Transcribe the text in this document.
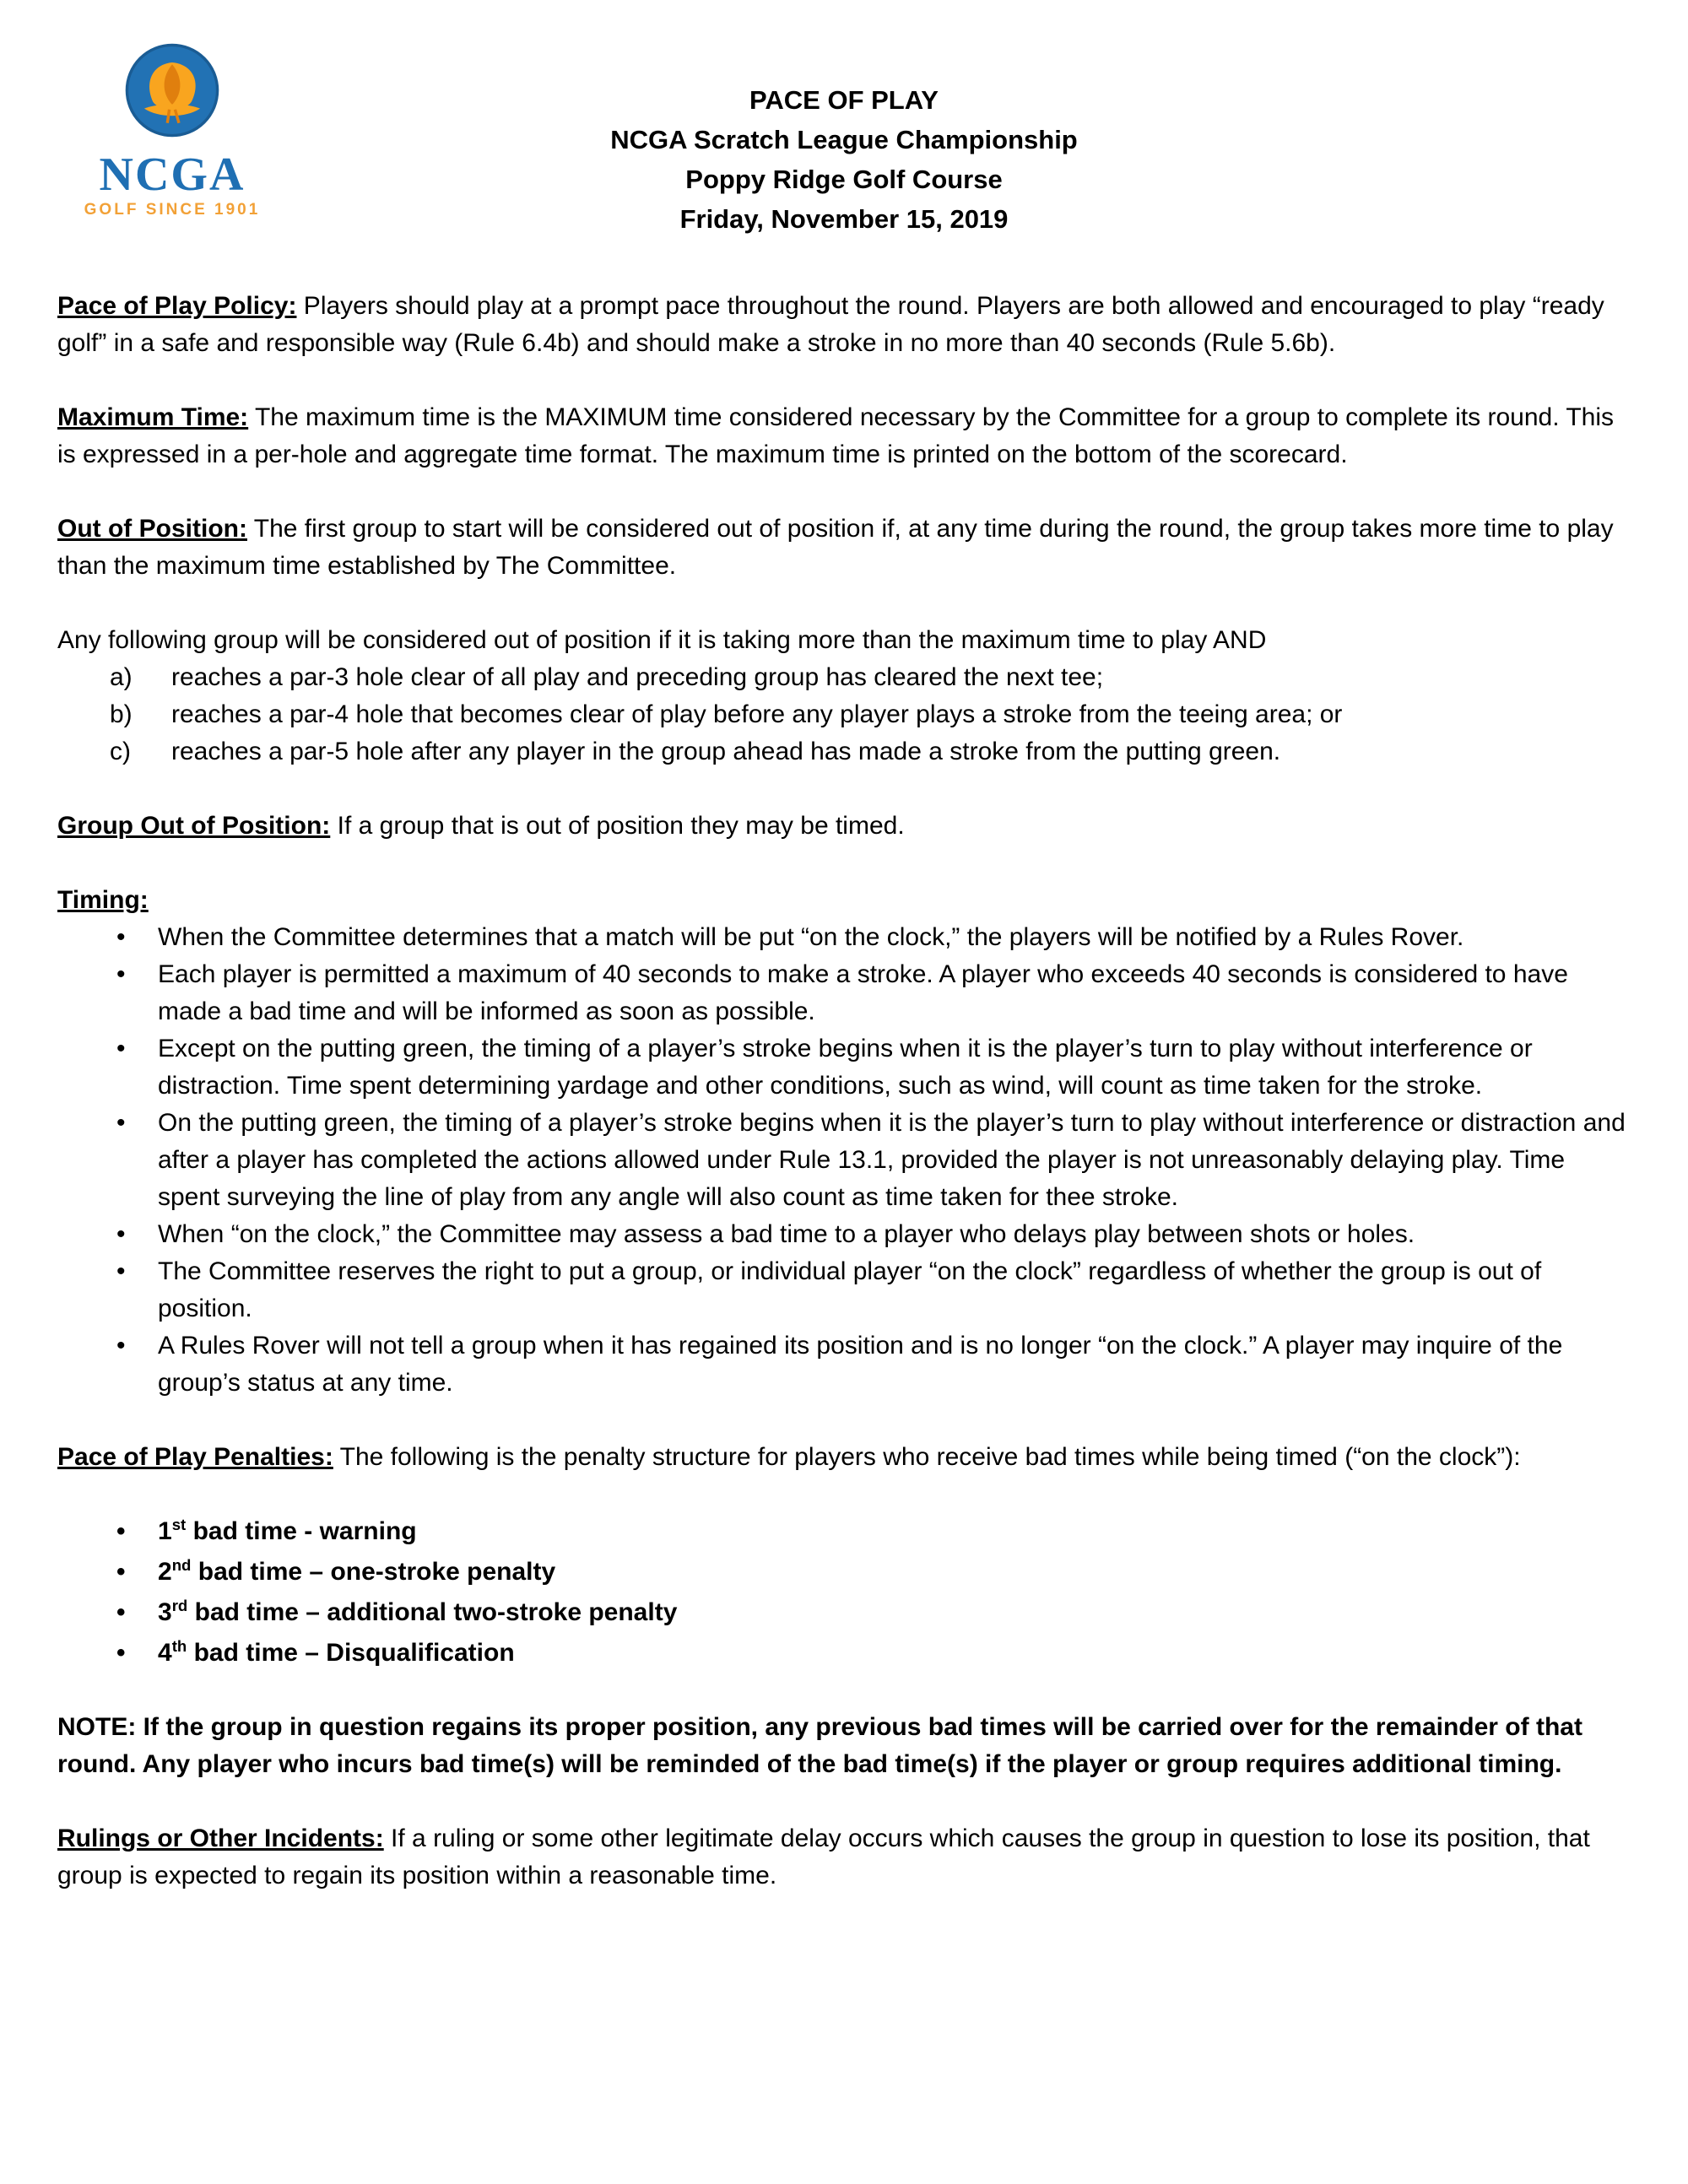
NCGA
GOLF SINCE 1901
PACE OF PLAY
NCGA Scratch League Championship
Poppy Ridge Golf Course
Friday, November 15, 2019

Pace of Play Policy: Players should play at a prompt pace throughout the round. Players are both allowed and encouraged to play “ready golf” in a safe and responsible way (Rule 6.4b) and should make a stroke in no more than 40 seconds (Rule 5.6b).

Maximum Time: The maximum time is the MAXIMUM time considered necessary by the Committee for a group to complete its round. This is expressed in a per-hole and aggregate time format. The maximum time is printed on the bottom of the scorecard.

Out of Position: The first group to start will be considered out of position if, at any time during the round, the group takes more time to play than the maximum time established by The Committee.

Any following group will be considered out of position if it is taking more than the maximum time to play AND
a)	reaches a par-3 hole clear of all play and preceding group has cleared the next tee;
b)	reaches a par-4 hole that becomes clear of play before any player plays a stroke from the teeing area; or
c)	reaches a par-5 hole after any player in the group ahead has made a stroke from the putting green.

Group Out of Position: If a group that is out of position they may be timed.

Timing:
•	When the Committee determines that a match will be put “on the clock,” the players will be notified by a Rules Rover.
•	Each player is permitted a maximum of 40 seconds to make a stroke. A player who exceeds 40 seconds is considered to have made a bad time and will be informed as soon as possible.
•	Except on the putting green, the timing of a player’s stroke begins when it is the player’s turn to play without interference or distraction. Time spent determining yardage and other conditions, such as wind, will count as time taken for the stroke.
•	On the putting green, the timing of a player’s stroke begins when it is the player’s turn to play without interference or distraction and after a player has completed the actions allowed under Rule 13.1, provided the player is not unreasonably delaying play. Time spent surveying the line of play from any angle will also count as time taken for thee stroke.
•	When “on the clock,” the Committee may assess a bad time to a player who delays play between shots or holes.
•	The Committee reserves the right to put a group, or individual player “on the clock” regardless of whether the group is out of position.
•	A Rules Rover will not tell a group when it has regained its position and is no longer “on the clock.” A player may inquire of the group’s status at any time.

Pace of Play Penalties: The following is the penalty structure for players who receive bad times while being timed (“on the clock”):

•	1st bad time - warning
•	2nd bad time – one-stroke penalty
•	3rd bad time – additional two-stroke penalty
•	4th bad time – Disqualification

NOTE: If the group in question regains its proper position, any previous bad times will be carried over for the remainder of that round. Any player who incurs bad time(s) will be reminded of the bad time(s) if the player or group requires additional timing.

Rulings or Other Incidents: If a ruling or some other legitimate delay occurs which causes the group in question to lose its position, that group is expected to regain its position within a reasonable time.
